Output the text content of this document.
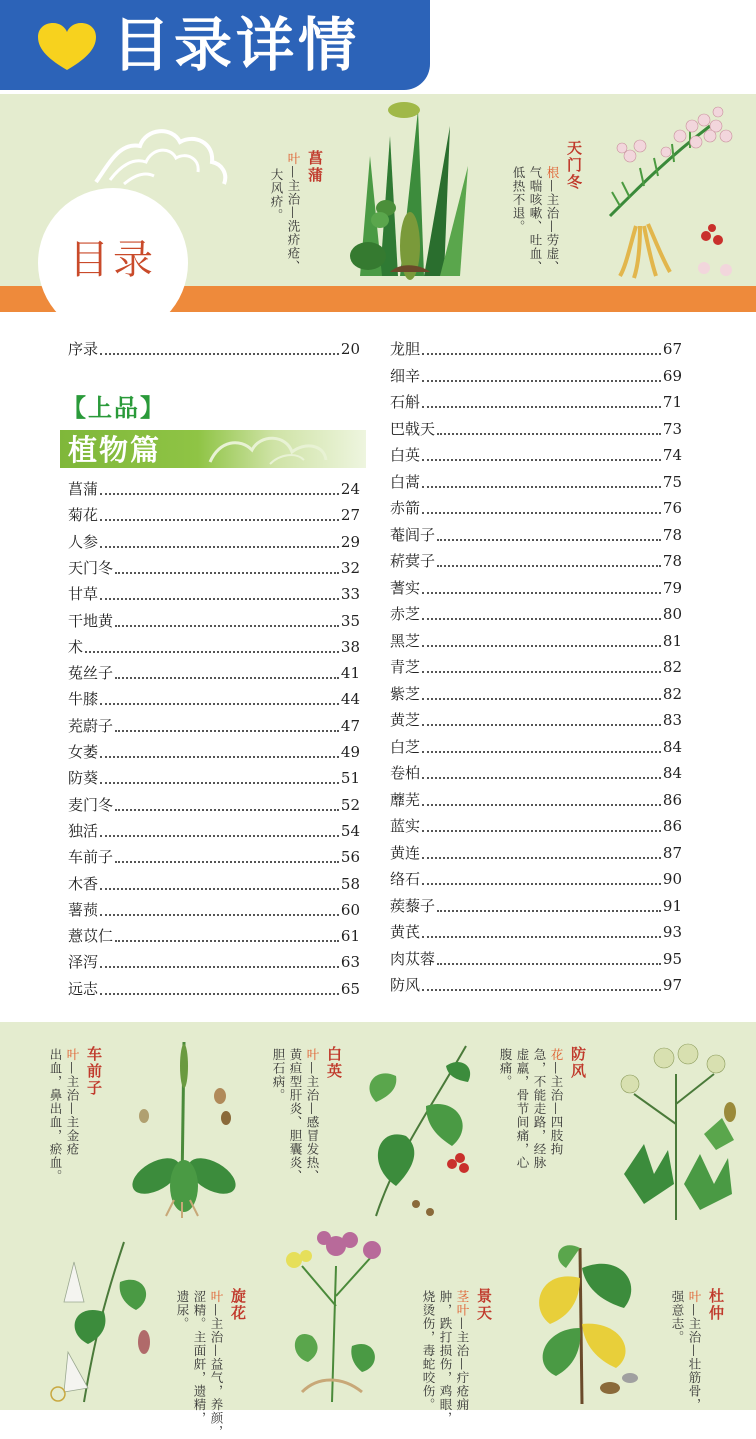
目录详情
菖蒲
叶—主治—洗疥疮、
大风疥。
天门冬
根—主治—劳虚、
气喘咳嗽、吐血、
低热不退。
目录
序录	20
【上品】
植物篇
菖蒲	24
菊花	27
人参	29
天门冬	32
甘草	33
干地黄	35
术	38
菟丝子	41
牛膝	44
茺蔚子	47
女萎	49
防葵	51
麦门冬	52
独活	54
车前子	56
木香	58
薯蓣	60
薏苡仁	61
泽泻	63
远志	65
龙胆	67
细辛	69
石斛	71
巴戟天	73
白英	74
白蒿	75
赤箭	76
菴闾子	78
菥蓂子	78
蓍实	79
赤芝	80
黑芝	81
青芝	82
紫芝	82
黄芝	83
白芝	84
卷柏	84
蘼芜	86
蓝实	86
黄连	87
络石	90
蒺藜子	91
黄芪	93
肉苁蓉	95
防风	97
车前子
叶—主治—主金疮
出血，鼻出血，瘀血。	白英
叶—主治—感冒发热、
黄疸型肝炎、胆囊炎、
胆石病。	防风
花—主治—四肢拘
急，不能走路，经脉
虚羸，骨节间痛，心
腹痛。
旋花
叶—主治—益气，养颜，
涩精。主面皯，遗精，
遗尿。	景天
茎叶—主治—疔疮痈
肿，跌打损伤，鸡眼，
烧烫伤，毒蛇咬伤。	杜仲
叶—主治—壮筋骨，
强意志。
